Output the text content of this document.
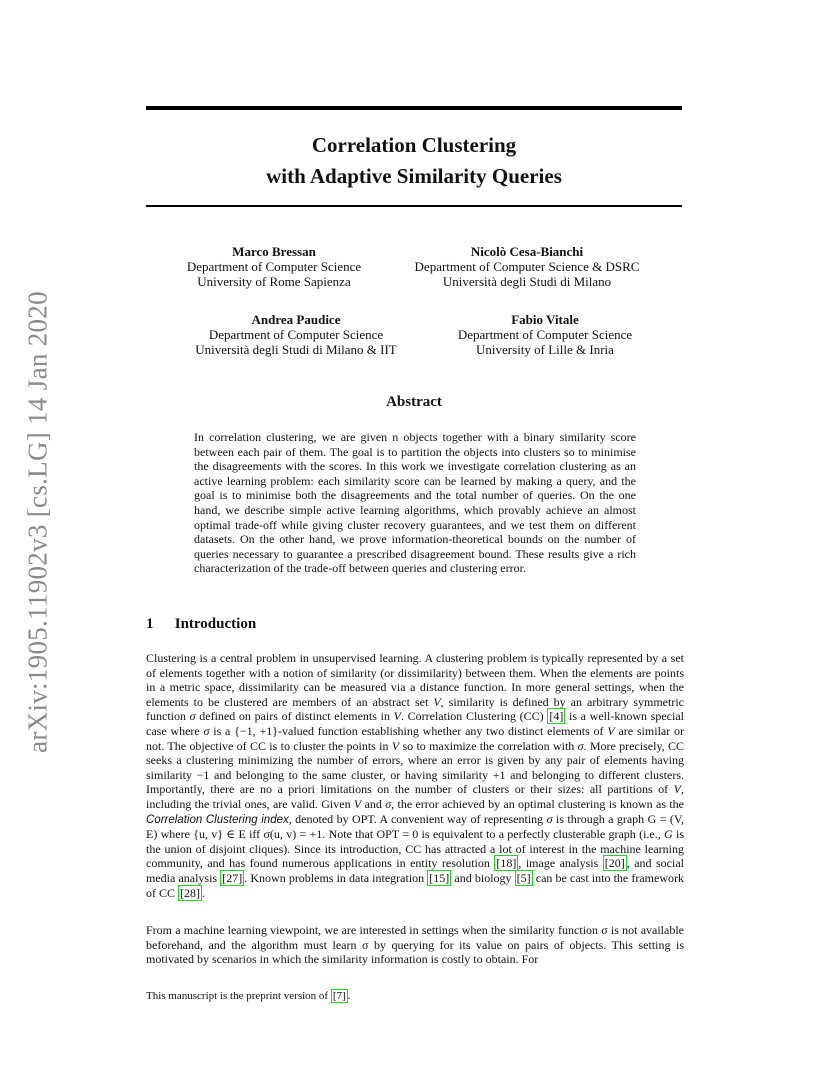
arXiv:1905.11902v3 [cs.LG] 14 Jan 2020
Correlation Clustering
with Adaptive Similarity Queries
Marco Bressan
Department of Computer Science
University of Rome Sapienza
Nicolò Cesa-Bianchi
Department of Computer Science & DSRC
Università degli Studi di Milano
Andrea Paudice
Department of Computer Science
Università degli Studi di Milano & IIT
Fabio Vitale
Department of Computer Science
University of Lille & Inria
Abstract
In correlation clustering, we are given n objects together with a binary similarity score between each pair of them. The goal is to partition the objects into clusters so to minimise the disagreements with the scores. In this work we investigate correlation clustering as an active learning problem: each similarity score can be learned by making a query, and the goal is to minimise both the disagreements and the total number of queries. On the one hand, we describe simple active learning algorithms, which provably achieve an almost optimal trade-off while giving cluster recovery guarantees, and we test them on different datasets. On the other hand, we prove information-theoretical bounds on the number of queries necessary to guarantee a prescribed disagreement bound. These results give a rich characterization of the trade-off between queries and clustering error.
1 Introduction
Clustering is a central problem in unsupervised learning. A clustering problem is typically represented by a set of elements together with a notion of similarity (or dissimilarity) between them. When the elements are points in a metric space, dissimilarity can be measured via a distance function. In more general settings, when the elements to be clustered are members of an abstract set V, similarity is defined by an arbitrary symmetric function σ defined on pairs of distinct elements in V. Correlation Clustering (CC) [4] is a well-known special case where σ is a {−1, +1}-valued function establishing whether any two distinct elements of V are similar or not. The objective of CC is to cluster the points in V so to maximize the correlation with σ. More precisely, CC seeks a clustering minimizing the number of errors, where an error is given by any pair of elements having similarity −1 and belonging to the same cluster, or having similarity +1 and belonging to different clusters. Importantly, there are no a priori limitations on the number of clusters or their sizes: all partitions of V, including the trivial ones, are valid. Given V and σ, the error achieved by an optimal clustering is known as the Correlation Clustering index, denoted by OPT. A convenient way of representing σ is through a graph G = (V, E) where {u, v} ∈ E iff σ(u, v) = +1. Note that OPT = 0 is equivalent to a perfectly clusterable graph (i.e., G is the union of disjoint cliques). Since its introduction, CC has attracted a lot of interest in the machine learning community, and has found numerous applications in entity resolution [18] , image analysis [20] , and social media analysis [27] . Known problems in data integration [15] and biology [5] can be cast into the framework of CC [28] .
From a machine learning viewpoint, we are interested in settings when the similarity function σ is not available beforehand, and the algorithm must learn σ by querying for its value on pairs of objects. This setting is motivated by scenarios in which the similarity information is costly to obtain. For
This manuscript is the preprint version of [7] .
